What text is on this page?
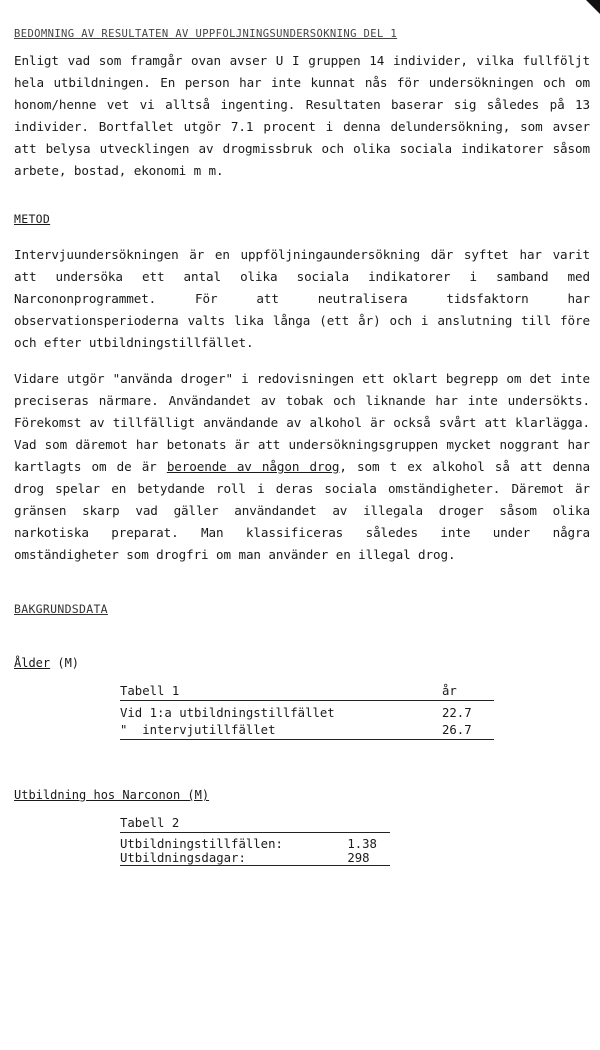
BEDÖMNING AV RESULTATEN AV UPPFÖLJNINGSUNDERSÖKNING DEL 1

Enligt vad som framgår ovan avser U I gruppen 14 individer, vilka fullföljt hela utbildningen. En person har inte kunnat nås för undersökningen och om honom/henne vet vi alltså ingenting. Resultaten baserar sig således på 13 individer. Bortfallet utgör 7.1 procent i denna delundersökning, som avser att belysa utvecklingen av drogmissbruk och olika sociala indikatorer såsom arbete, bostad, ekonomi m m.

METOD

Intervjuundersökningen är en uppföljningaundersökning där syftet har varit att undersöka ett antal olika sociala indikatorer i samband med Narcononprogrammet. För att neutralisera tidsfaktorn har observationsperioderna valts lika långa (ett år) och i anslutning till före och efter utbildningstillfället.

Vidare utgör "använda droger" i redovisningen ett oklart begrepp om det inte preciseras närmare. Användandet av tobak och liknande har inte undersökts. Förekomst av tillfälligt användande av alkohol är också svårt att klarlägga. Vad som däremot har betonats är att undersökningsgruppen mycket noggrant har kartlagts om de är beroende av någon drog, som t ex alkohol så att denna drog spelar en betydande roll i deras sociala omständigheter. Däremot är gränsen skarp vad gäller användandet av illegala droger såsom olika narkotiska preparat. Man klassificeras således inte under några omständigheter som drogfri om man använder en illegal drog.

BAKGRUNDSDATA
Ålder (M)
Tabell 1	år
Vid 1:a utbildningstillfället	22.7
"  intervjutillfället	26.7

Utbildning hos Narconon (M)
Tabell 2	
Utbildningstillfällen:	1.38
Utbildningsdagar:	298
